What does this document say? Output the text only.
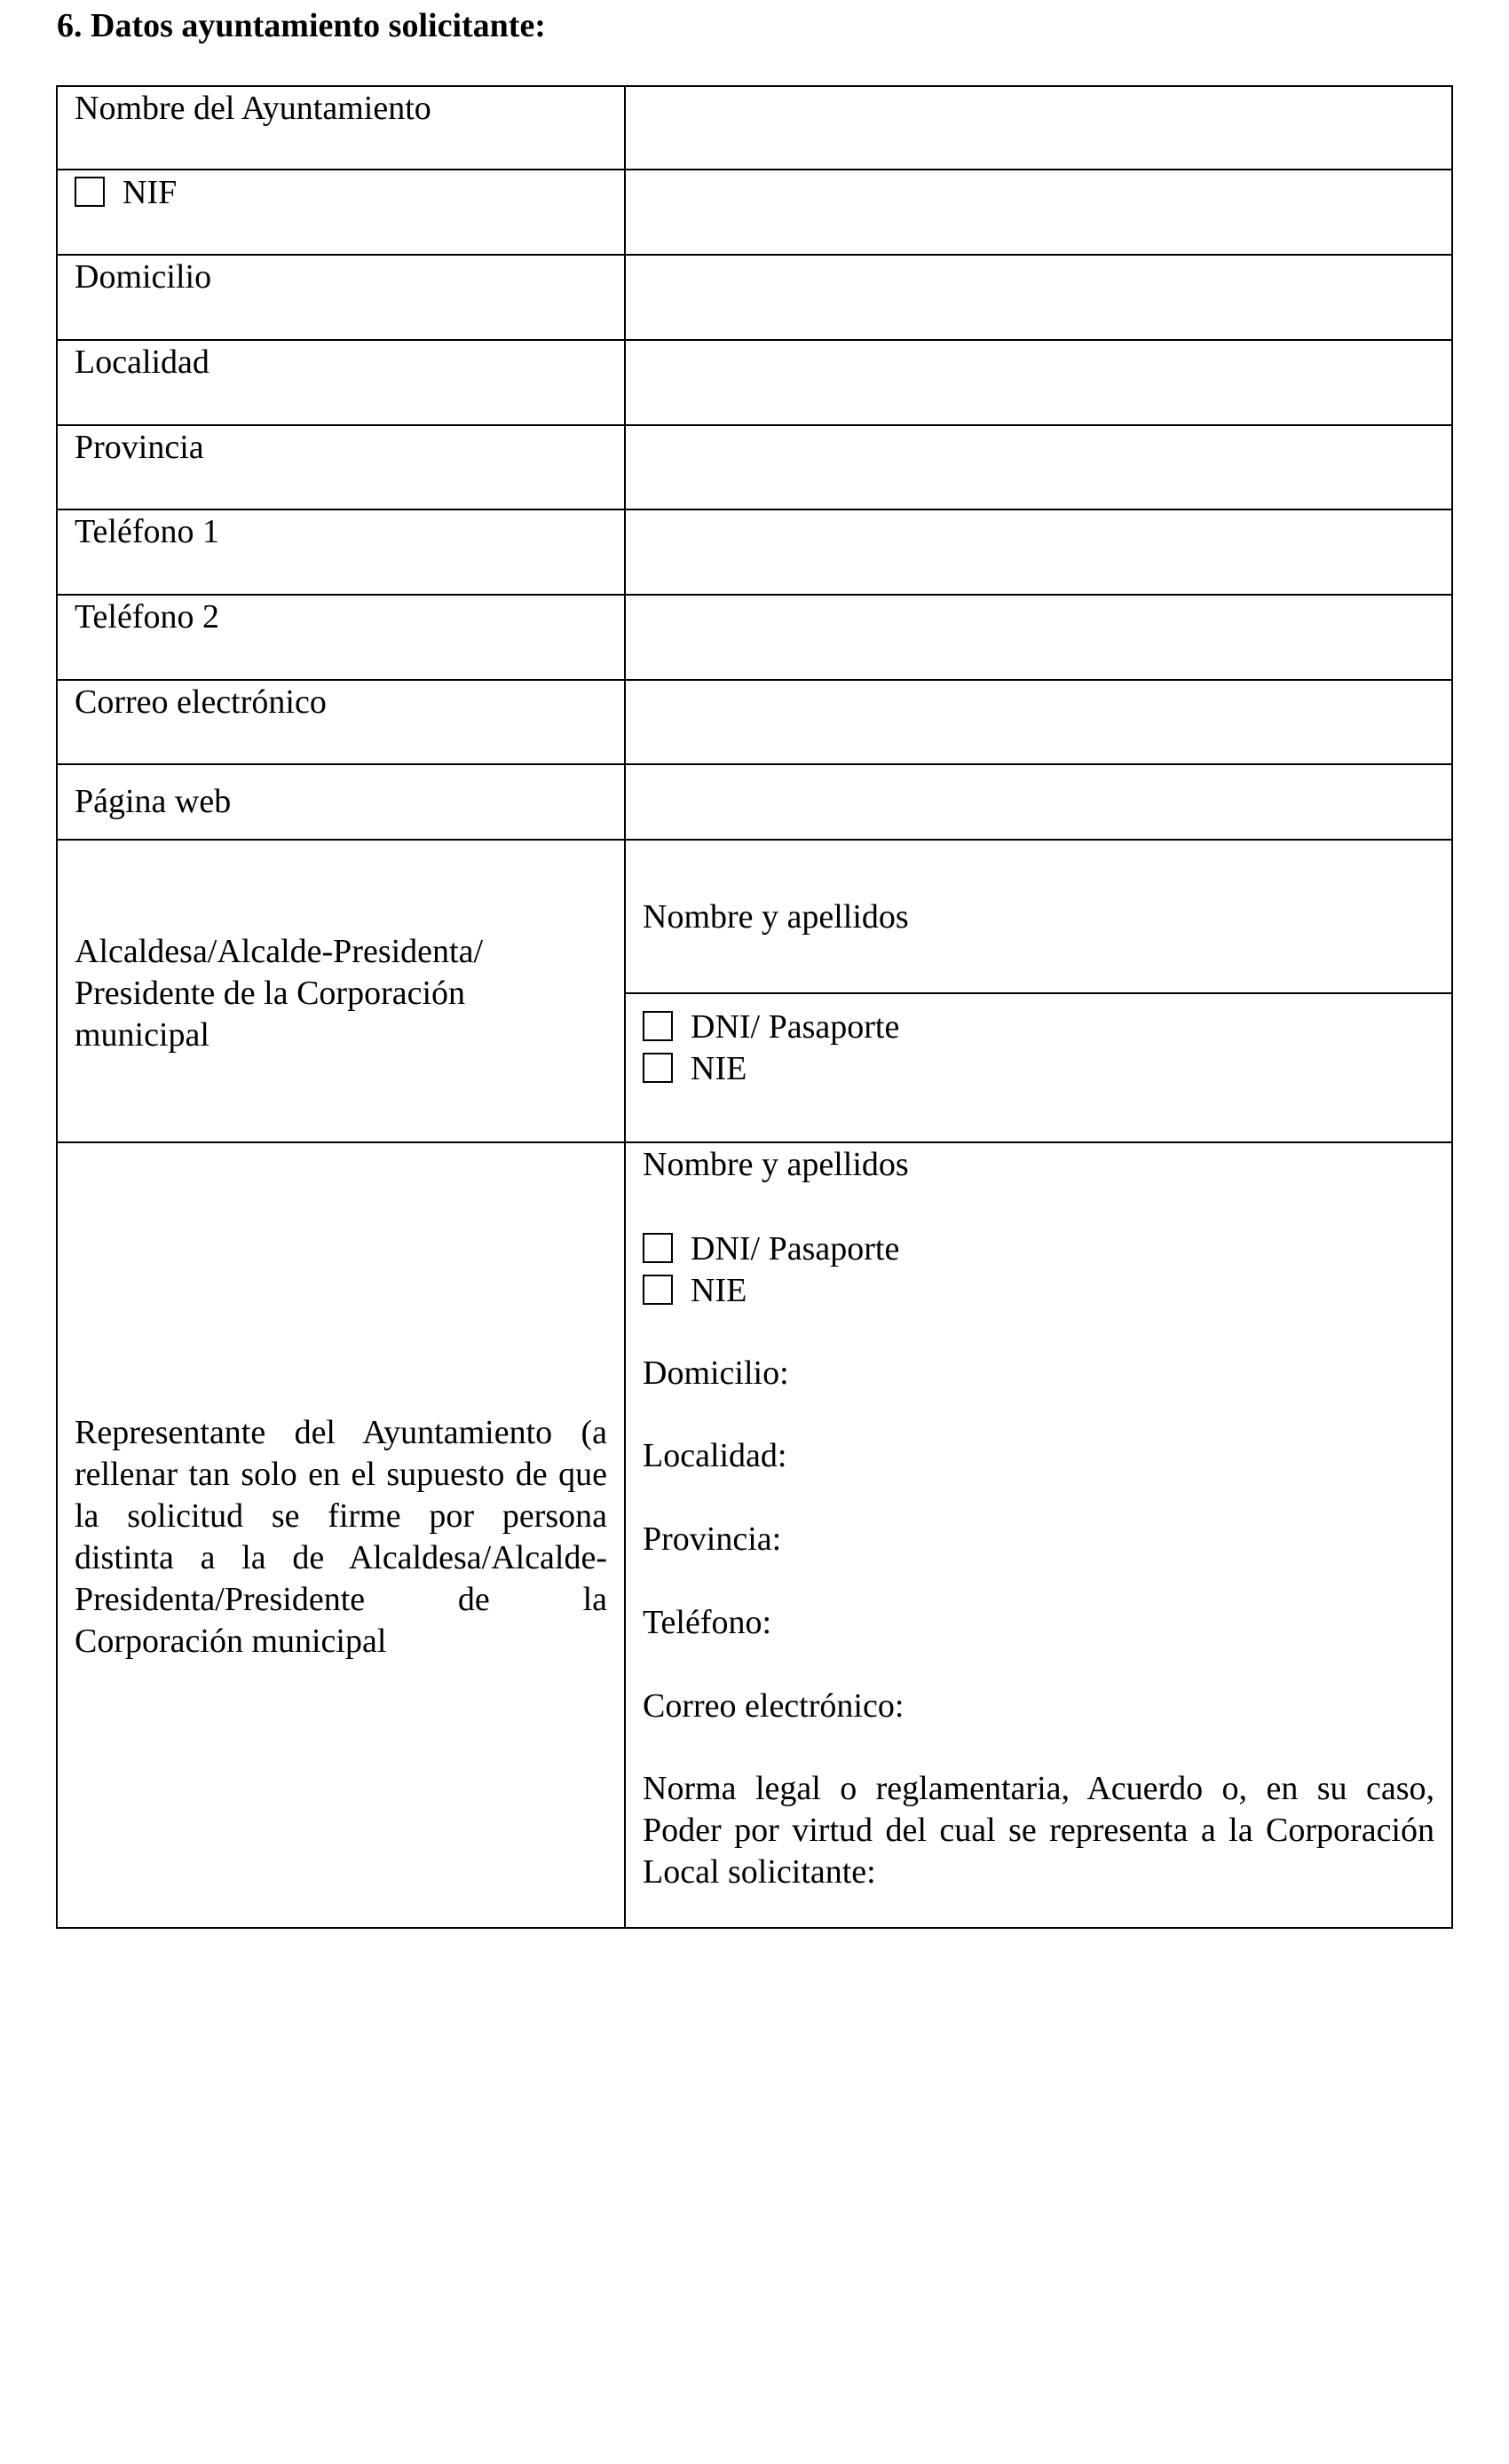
6. Datos ayuntamiento solicitante:
Nombre del Ayuntamiento
NIF
Domicilio
Localidad
Provincia
Teléfono 1
Teléfono 2
Correo electrónico
Página web
Alcaldesa/Alcalde-Presidenta/
Presidente de la Corporación
municipal
Nombre y apellidos
DNI/ Pasaporte
NIE
Representante del Ayuntamiento (a rellenar tan solo en el supuesto de que la solicitud se firme por persona distinta a la de Alcaldesa/Alcalde-Presidenta/Presidente de la Corporación municipal
Nombre y apellidos
DNI/ Pasaporte
NIE
Domicilio:
Localidad:
Provincia:
Teléfono:
Correo electrónico:
Norma legal o reglamentaria, Acuerdo o, en su caso, Poder por virtud del cual se representa a la Corporación Local solicitante:
